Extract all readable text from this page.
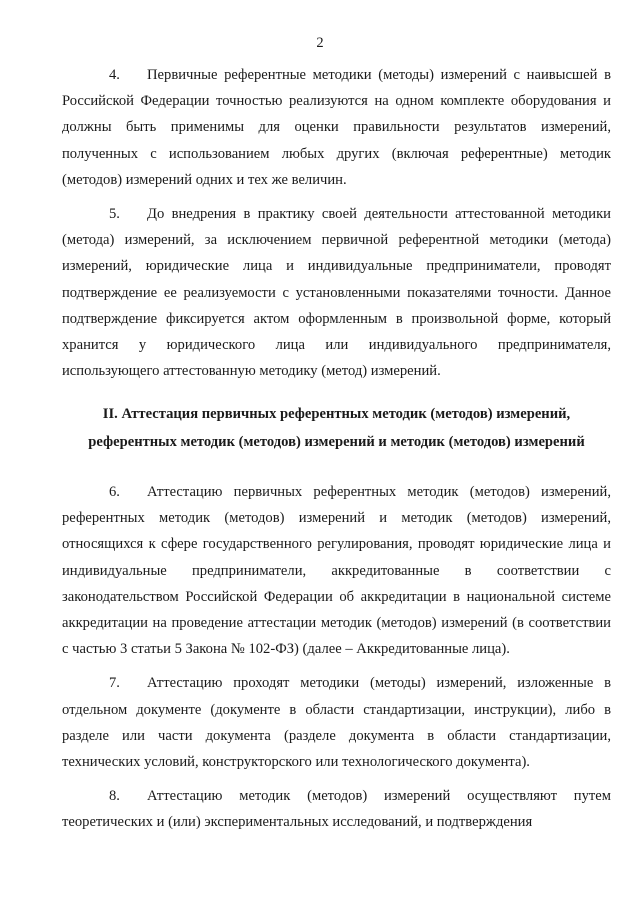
2

4. Первичные референтные методики (методы) измерений с наивысшей в Российской Федерации точностью реализуются на одном комплекте оборудования и должны быть применимы для оценки правильности результатов измерений, полученных с использованием любых других (включая референтные) методик (методов) измерений одних и тех же величин.

5. До внедрения в практику своей деятельности аттестованной методики (метода) измерений, за исключением первичной референтной методики (метода) измерений, юридические лица и индивидуальные предприниматели, проводят подтверждение ее реализуемости с установленными показателями точности. Данное подтверждение фиксируется актом оформленным в произвольной форме, который хранится у юридического лица или индивидуального предпринимателя, использующего аттестованную методику (метод) измерений.

II. Аттестация первичных референтных методик (методов) измерений,
референтных методик (методов) измерений и методик (методов) измерений

6. Аттестацию первичных референтных методик (методов) измерений, референтных методик (методов) измерений и методик (методов) измерений, относящихся к сфере государственного регулирования, проводят юридические лица и индивидуальные предприниматели, аккредитованные в соответствии с законодательством Российской Федерации об аккредитации в национальной системе аккредитации на проведение аттестации методик (методов) измерений (в соответствии с частью 3 статьи 5 Закона № 102-ФЗ) (далее – Аккредитованные лица).

7. Аттестацию проходят методики (методы) измерений, изложенные в отдельном документе (документе в области стандартизации, инструкции), либо в разделе или части документа (разделе документа в области стандартизации, технических условий, конструкторского или технологического документа).

8. Аттестацию методик (методов) измерений осуществляют путем теоретических и (или) экспериментальных исследований, и подтверждения
